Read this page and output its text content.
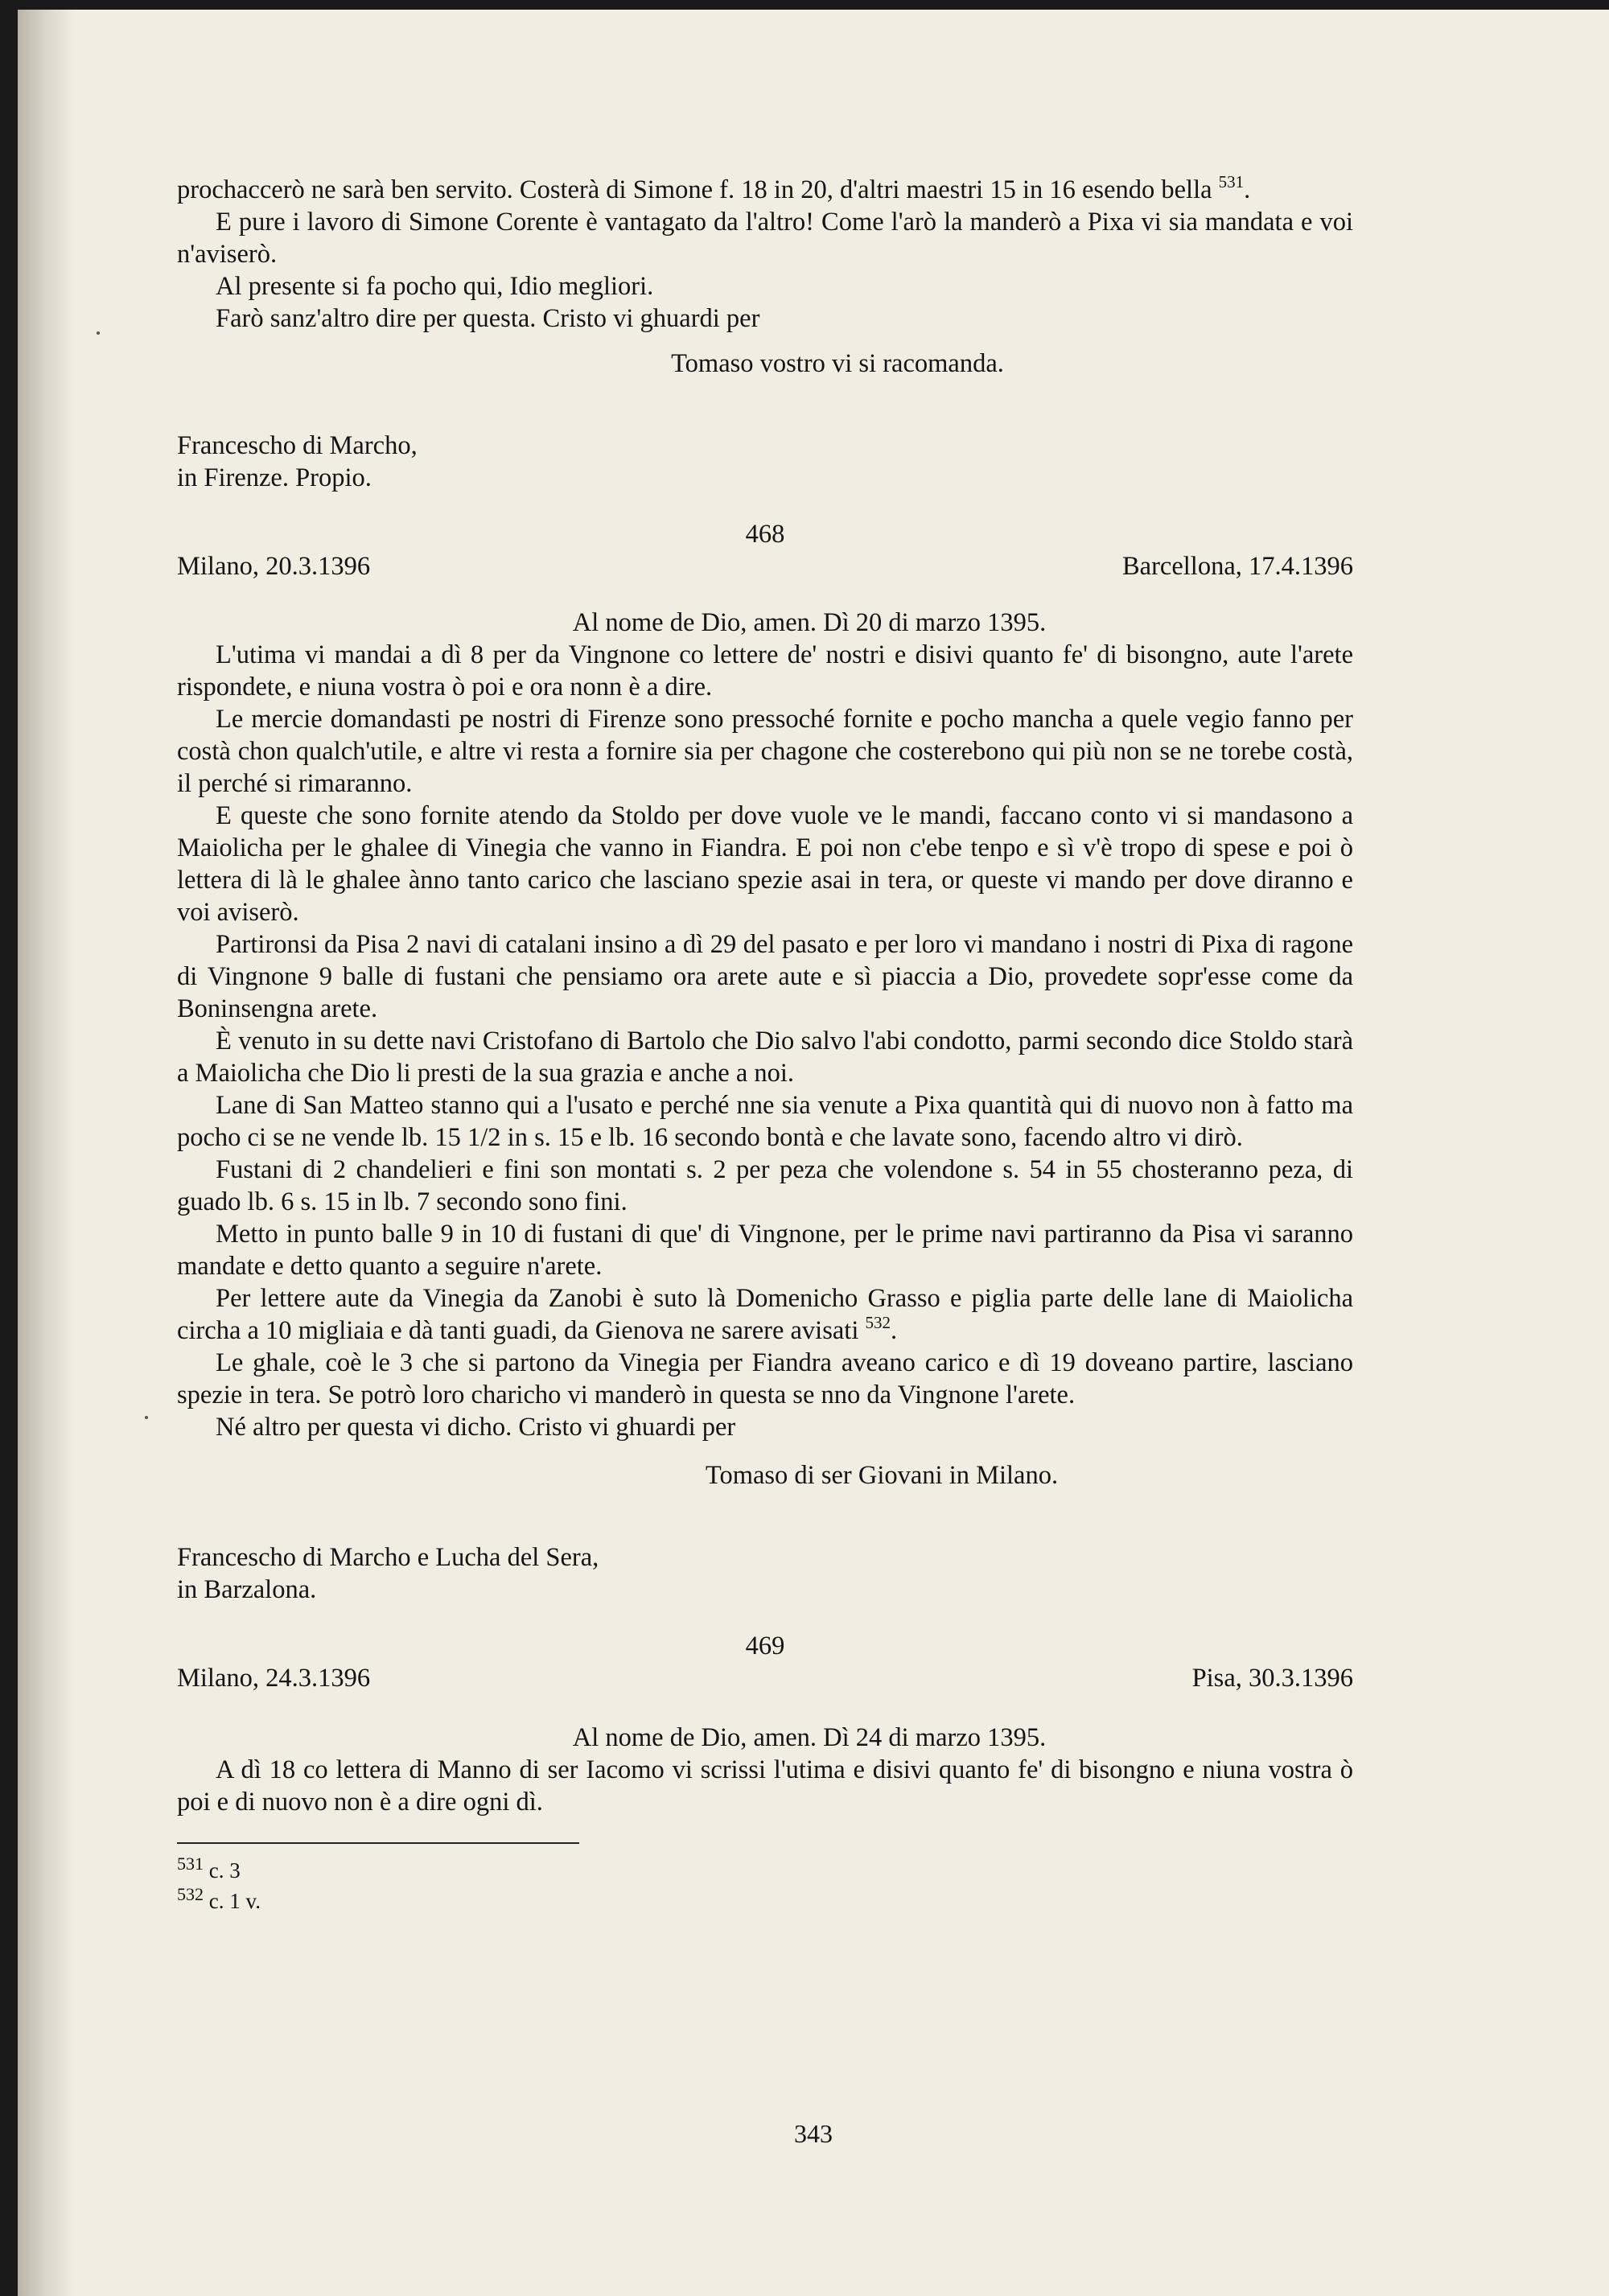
prochaccerò ne sarà ben servito. Costerà di Simone f. 18 in 20, d'altri maestri 15 in 16 esendo bella $^{531}$.

E pure i lavoro di Simone Corente è vantagato da l'altro! Come l'arò la manderò a Pixa vi sia mandata e voi n'aviserò.

Al presente si fa pocho qui, Idio megliori.

Farò sanz'altro dire per questa. Cristo vi ghuardi per

Tomaso vostro vi si racomanda.

Francescho di Marcho,
in Firenze. Propio.
468
Milano, 20.3.1396	Barcellona, 17.4.1396

Al nome de Dio, amen. Dì 20 di marzo 1395.

L'utima vi mandai a dì 8 per da Vingnone co lettere de' nostri e disivi quanto fe' di bisongno, aute l'arete rispondete, e niuna vostra ò poi e ora nonn è a dire.

Le mercie domandasti pe nostri di Firenze sono pressoché fornite e pocho mancha a quele vegio fanno per costà chon qualch'utile, e altre vi resta a fornire sia per chagone che costerebono qui più non se ne torebe costà, il perché si rimaranno.

E queste che sono fornite atendo da Stoldo per dove vuole ve le mandi, faccano conto vi si mandasono a Maiolicha per le ghalee di Vinegia che vanno in Fiandra. E poi non c'ebe tenpo e sì v'è tropo di spese e poi ò lettera di là le ghalee ànno tanto carico che lasciano spezie asai in tera, or queste vi mando per dove diranno e voi aviserò.

Partironsi da Pisa 2 navi di catalani insino a dì 29 del pasato e per loro vi mandano i nostri di Pixa di ragone di Vingnone 9 balle di fustani che pensiamo ora arete aute e sì piaccia a Dio, provedete sopr'esse come da Boninsengna arete.

È venuto in su dette navi Cristofano di Bartolo che Dio salvo l'abi condotto, parmi secondo dice Stoldo starà a Maiolicha che Dio li presti de la sua grazia e anche a noi.

Lane di San Matteo stanno qui a l'usato e perché nne sia venute a Pixa quantità qui di nuovo non à fatto ma pocho ci se ne vende lb. 15 1/2 in s. 15 e lb. 16 secondo bontà e che lavate sono, facendo altro vi dirò.

Fustani di 2 chandelieri e fini son montati s. 2 per peza che volendone s. 54 in 55 chosteranno peza, di guado lb. 6 s. 15 in lb. 7 secondo sono fini.

Metto in punto balle 9 in 10 di fustani di que' di Vingnone, per le prime navi partiranno da Pisa vi saranno mandate e detto quanto a seguire n'arete.

Per lettere aute da Vinegia da Zanobi è suto là Domenicho Grasso e piglia parte delle lane di Maiolicha circha a 10 migliaia e dà tanti guadi, da Gienova ne sarere avisati $^{532}$.

Le ghale, coè le 3 che si partono da Vinegia per Fiandra aveano carico e dì 19 doveano partire, lasciano spezie in tera. Se potrò loro charicho vi manderò in questa se nno da Vingnone l'arete.

Né altro per questa vi dicho. Cristo vi ghuardi per

Tomaso di ser Giovani in Milano.

Francescho di Marcho e Lucha del Sera,
in Barzalona.
469
Milano, 24.3.1396	Pisa, 30.3.1396

Al nome de Dio, amen. Dì 24 di marzo 1395.

A dì 18 co lettera di Manno di ser Iacomo vi scrissi l'utima e disivi quanto fe' di bisongno e niuna vostra ò poi e di nuovo non è a dire ogni dì.

$^{531}$ c. 3
$^{532}$ c. 1 v.
343
